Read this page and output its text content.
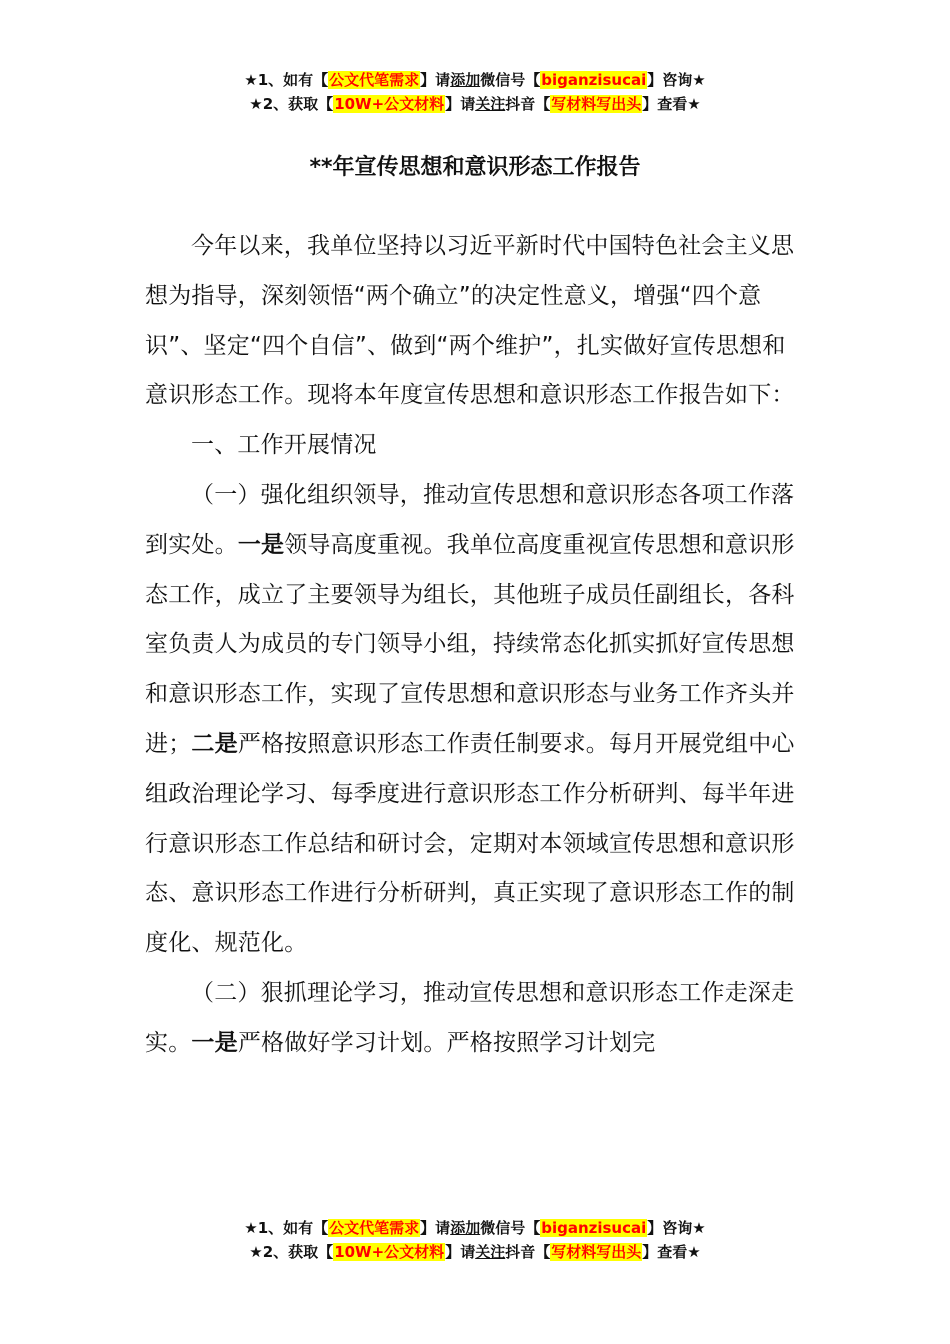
★1、如有【公文代笔需求】请添加微信号【biganzisucai】咨询★
★2、获取【10W+公文材料】请关注抖音【写材料写出头】查看★
**年宣传思想和意识形态工作报告

今年以来，我单位坚持以习近平新时代中国特色社会主义思想为指导，深刻领悟“两个确立”的决定性意义，增强“四个意识”、坚定“四个自信”、做到“两个维护”，扎实做好宣传思想和意识形态工作。现将本年度宣传思想和意识形态工作报告如下：

一、工作开展情况

（一）强化组织领导，推动宣传思想和意识形态各项工作落到实处。一是领导高度重视。我单位高度重视宣传思想和意识形态工作，成立了主要领导为组长，其他班子成员任副组长，各科室负责人为成员的专门领导小组，持续常态化抓实抓好宣传思想和意识形态工作，实现了宣传思想和意识形态与业务工作齐头并进；二是严格按照意识形态工作责任制要求。每月开展党组中心组政治理论学习、每季度进行意识形态工作分析研判、每半年进行意识形态工作总结和研讨会，定期对本领域宣传思想和意识形态、意识形态工作进行分析研判，真正实现了意识形态工作的制度化、规范化。

（二）狠抓理论学习，推动宣传思想和意识形态工作走深走实。一是严格做好学习计划。严格按照学习计划完

★1、如有【公文代笔需求】请添加微信号【biganzisucai】咨询★
★2、获取【10W+公文材料】请关注抖音【写材料写出头】查看★
